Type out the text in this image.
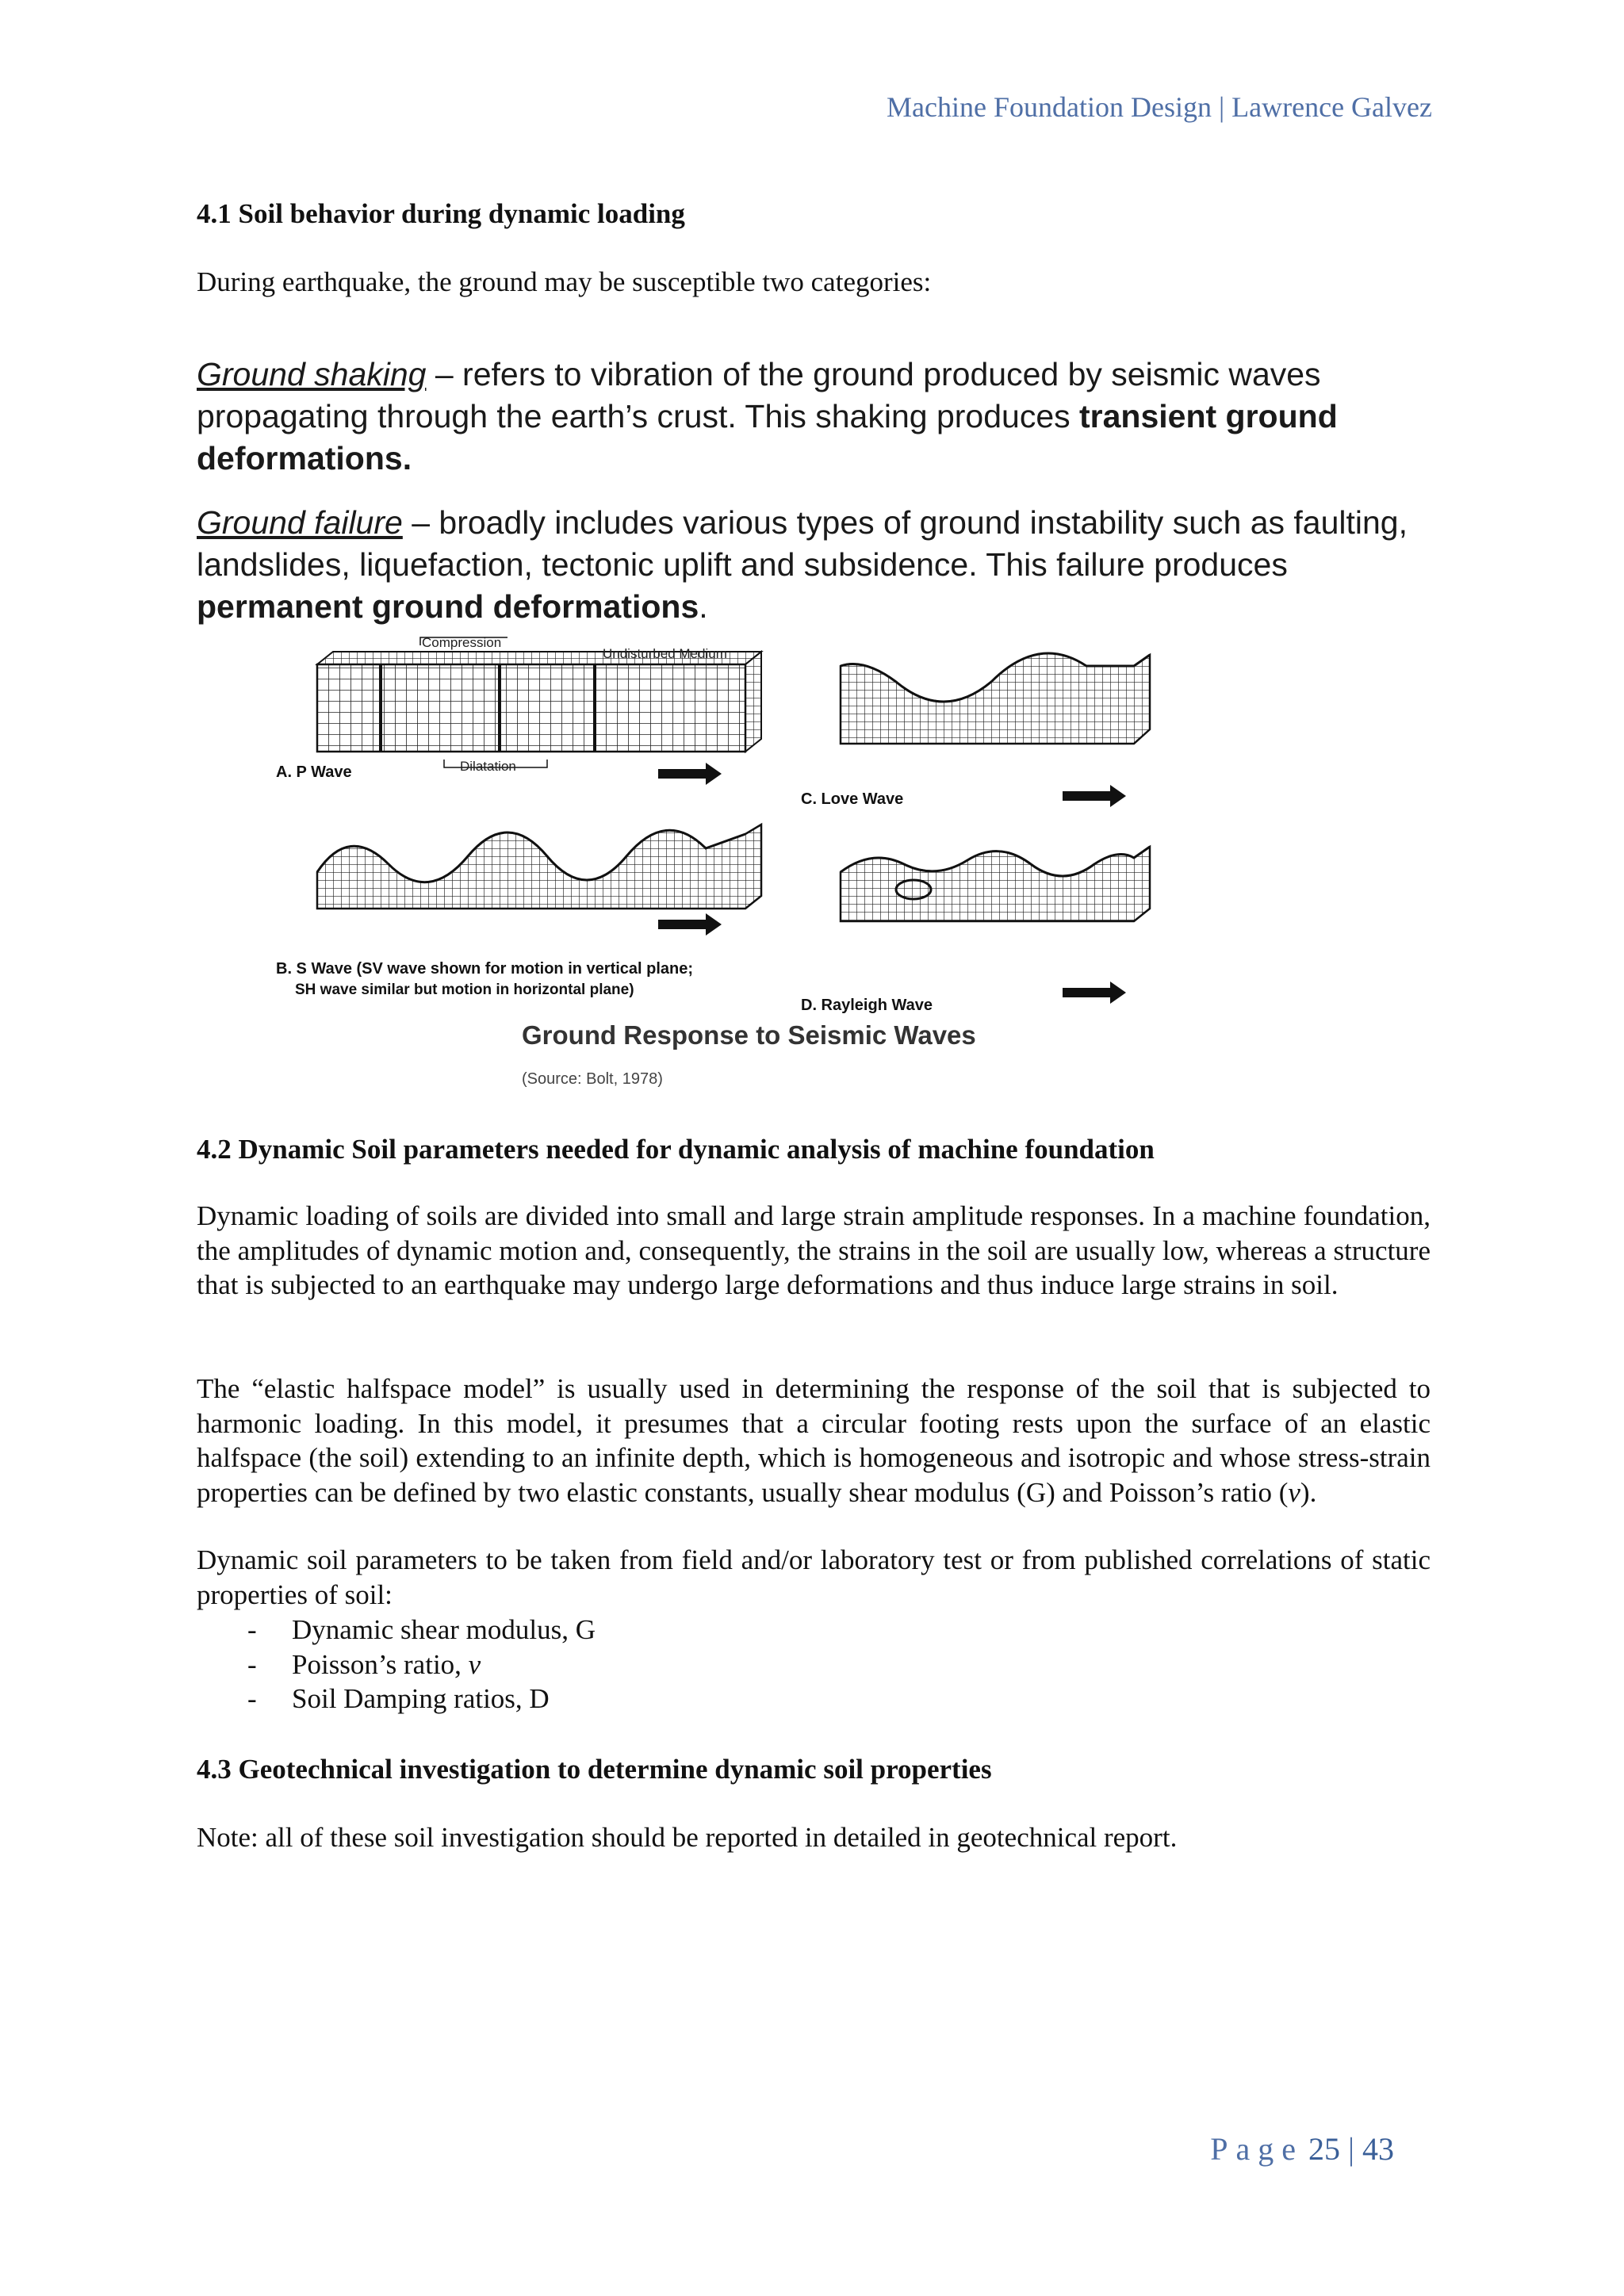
Machine Foundation Design | Lawrence Galvez
4.1 Soil behavior during dynamic loading
During earthquake, the ground may be susceptible two categories:
Ground shaking – refers to vibration of the ground produced by seismic waves propagating through the earth’s crust. This shaking produces transient ground deformations.
Ground failure – broadly includes various types of ground instability such as faulting, landslides, liquefaction, tectonic uplift and subsidence. This failure produces permanent ground deformations.
Compression
Undisturbed Medium
Dilatation
A. P Wave
C. Love Wave
B. S Wave (SV wave shown for motion in vertical plane;
SH wave similar but motion in horizontal plane)
D. Rayleigh Wave
Ground Response to Seismic Waves
(Source: Bolt, 1978)
4.2 Dynamic Soil parameters needed for dynamic analysis of machine foundation
Dynamic loading of soils are divided into small and large strain amplitude responses. In a machine foundation, the amplitudes of dynamic motion and, consequently, the strains in the soil are usually low, whereas a structure that is subjected to an earthquake may undergo large deformations and thus induce large strains in soil.
The “elastic halfspace model” is usually used in determining the response of the soil that is subjected to harmonic loading. In this model, it presumes that a circular footing rests upon the surface of an elastic halfspace (the soil) extending to an infinite depth, which is homogeneous and isotropic and whose stress-strain properties can be defined by two elastic constants, usually shear modulus (G) and Poisson’s ratio (v).
Dynamic soil parameters to be taken from field and/or laboratory test or from published correlations of static properties of soil:
-	Dynamic shear modulus, G
-	Poisson’s ratio, v
-	Soil Damping ratios, D
4.3 Geotechnical investigation to determine dynamic soil properties
Note: all of these soil investigation should be reported in detailed in geotechnical report.
Page 25 | 43
